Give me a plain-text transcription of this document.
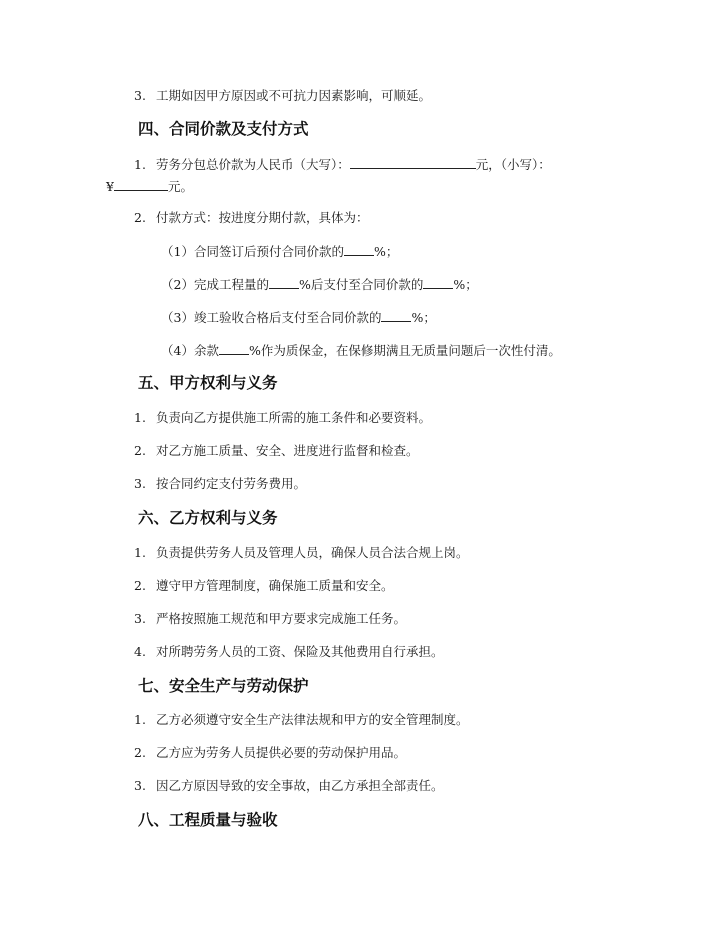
3. 工期如因甲方原因或不可抗力因素影响，可顺延。
四、合同价款及支付方式
1. 劳务分包总价款为人民币（大写）：	元，（小写）：
¥	元。
2. 付款方式：按进度分期付款，具体为：
（1）合同签订后预付合同价款的 %；
（2）完成工程量的 %后支付至合同价款的 %；
（3）竣工验收合格后支付至合同价款的 %；
（4）余款 %作为质保金，在保修期满且无质量问题后一次性付清。
五、甲方权利与义务
1. 负责向乙方提供施工所需的施工条件和必要资料。
2. 对乙方施工质量、安全、进度进行监督和检查。
3. 按合同约定支付劳务费用。
六、乙方权利与义务
1. 负责提供劳务人员及管理人员，确保人员合法合规上岗。
2. 遵守甲方管理制度，确保施工质量和安全。
3. 严格按照施工规范和甲方要求完成施工任务。
4. 对所聘劳务人员的工资、保险及其他费用自行承担。
七、安全生产与劳动保护
1. 乙方必须遵守安全生产法律法规和甲方的安全管理制度。
2. 乙方应为劳务人员提供必要的劳动保护用品。
3. 因乙方原因导致的安全事故，由乙方承担全部责任。
八、工程质量与验收
